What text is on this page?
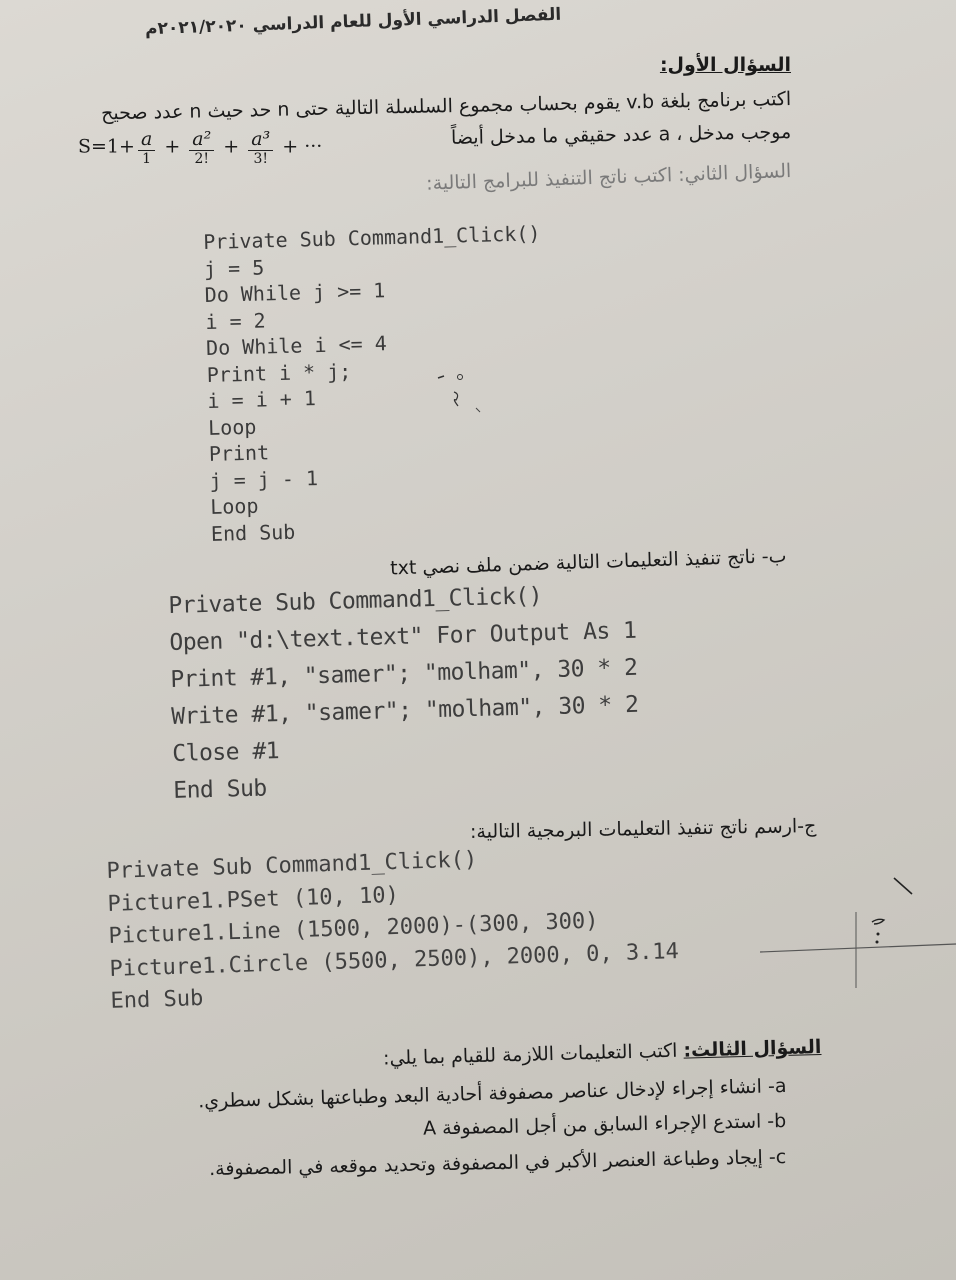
الفصل الدراسي الأول للعام الدراسي ٢٠٢١/٢٠٢٠م
السؤال الأول:
اكتب برنامج بلغة v.b يقوم بحساب مجموع السلسلة التالية حتى n حد حيث n عدد صحيح
موجب مدخل ، a عدد حقيقي ما مدخل أيضاً
$S=1+ \frac{a}{1} + \frac{\text{a²}}{2!} + \frac{\text{a³}}{3!}$ + ···
السؤال الثاني: اكتب ناتج التنفيذ للبرامج التالية:
Private Sub Command1_Click()
j = 5
Do While j >= 1
i = 2
Do While i <= 4
Print i * j;
i = i + 1
Loop
Print
j = j - 1
Loop
End Sub
ب- ناتج تنفيذ التعليمات التالية ضمن ملف نصي txt
Private Sub Command1_Click()
Open "d:\text.text" For Output As 1
Print #1, "samer"; "molham", 30 * 2
Write #1, "samer"; "molham", 30 * 2
Close #1
End Sub
ج-ارسم ناتج تنفيذ التعليمات البرمجية التالية:
Private Sub Command1_Click()
Picture1.PSet (10, 10)
Picture1.Line (1500, 2000)-(300, 300)
Picture1.Circle (5500, 2500), 2000, 0, 3.14
End Sub
السؤال الثالث: اكتب التعليمات اللازمة للقيام بما يلي:
a- انشاء إجراء لإدخال عناصر مصفوفة أحادية البعد وطباعتها بشكل سطري.
b- استدع الإجراء السابق من أجل المصفوفة A
c- إيجاد وطباعة العنصر الأكبر في المصفوفة وتحديد موقعه في المصفوفة.
